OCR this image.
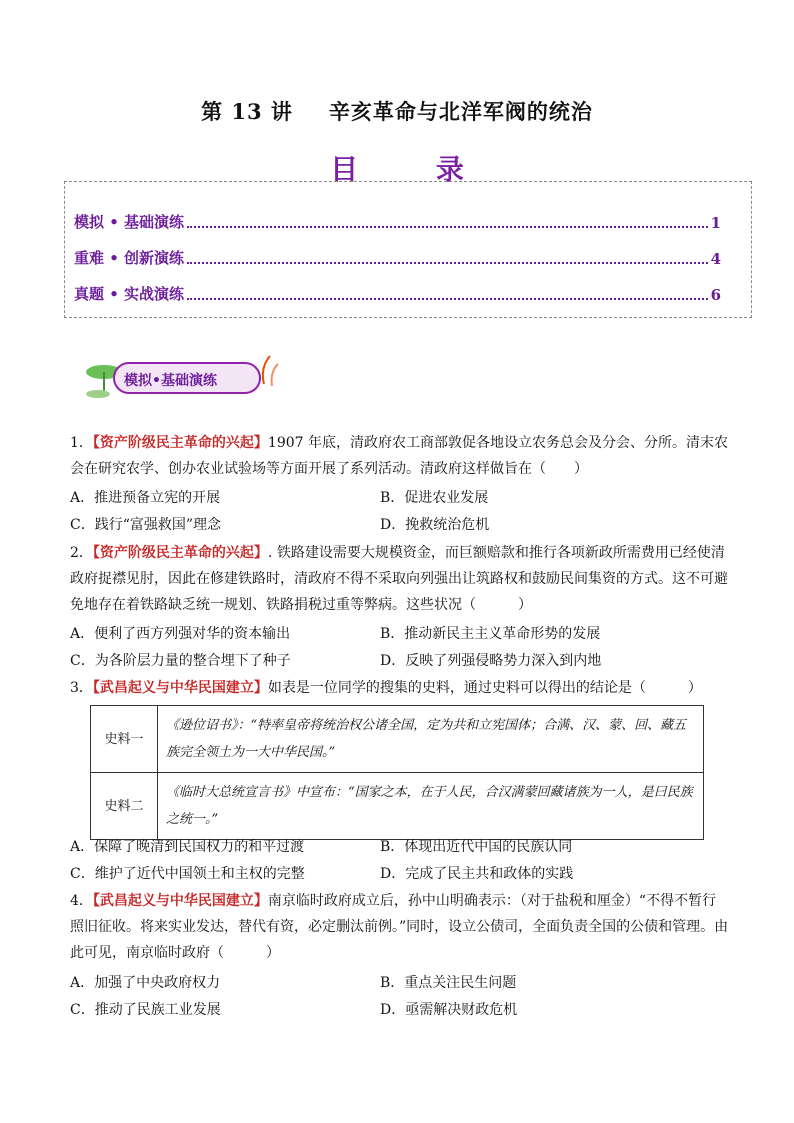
第 13 讲 辛亥革命与北洋军阀的统治
目 录
模拟 • 基础演练	1
重难 • 创新演练	4
真题 • 实战演练	6
模拟•基础演练
1．【资产阶级民主革命的兴起】1907 年底，清政府农工商部敦促各地设立农务总会及分会、分所。清末农会在研究农学、创办农业试验场等方面开展了系列活动。清政府这样做旨在（　　）
A．推进预备立宪的开展	B．促进农业发展
C．践行“富强救国”理念	D．挽救统治危机
2．【资产阶级民主革命的兴起】. 铁路建设需要大规模资金，而巨额赔款和推行各项新政所需费用已经使清政府捉襟见肘，因此在修建铁路时，清政府不得不采取向列强出让筑路权和鼓励民间集资的方式。这不可避免地存在着铁路缺乏统一规划、铁路捐税过重等弊病。这些状况（　　　）
A．便利了西方列强对华的资本输出	B．推动新民主主义革命形势的发展
C．为各阶层力量的整合埋下了种子	D．反映了列强侵略势力深入到内地
3．【武昌起义与中华民国建立】如表是一位同学的搜集的史料，通过史料可以得出的结论是（　　　）
史料一	《逊位诏书》：“特率皇帝将统治权公诸全国，定为共和立宪国体；合满、汉、蒙、回、藏五族完全领土为一大中华民国。”
史料二	《临时大总统宣言书》中宣布：“国家之本，在于人民，合汉满蒙回藏诸族为一人，是曰民族之统一。”
A．保障了晚清到民国权力的和平过渡	B．体现出近代中国的民族认同
C．维护了近代中国领土和主权的完整	D．完成了民主共和政体的实践
4．【武昌起义与中华民国建立】南京临时政府成立后，孙中山明确表示：（对于盐税和厘金）“不得不暂行照旧征收。将来实业发达，替代有资，必定删汰前例。”同时，设立公债司，全面负责全国的公债和管理。由此可见，南京临时政府（　　　）
A．加强了中央政府权力	B．重点关注民生问题
C．推动了民族工业发展	D．亟需解决财政危机
